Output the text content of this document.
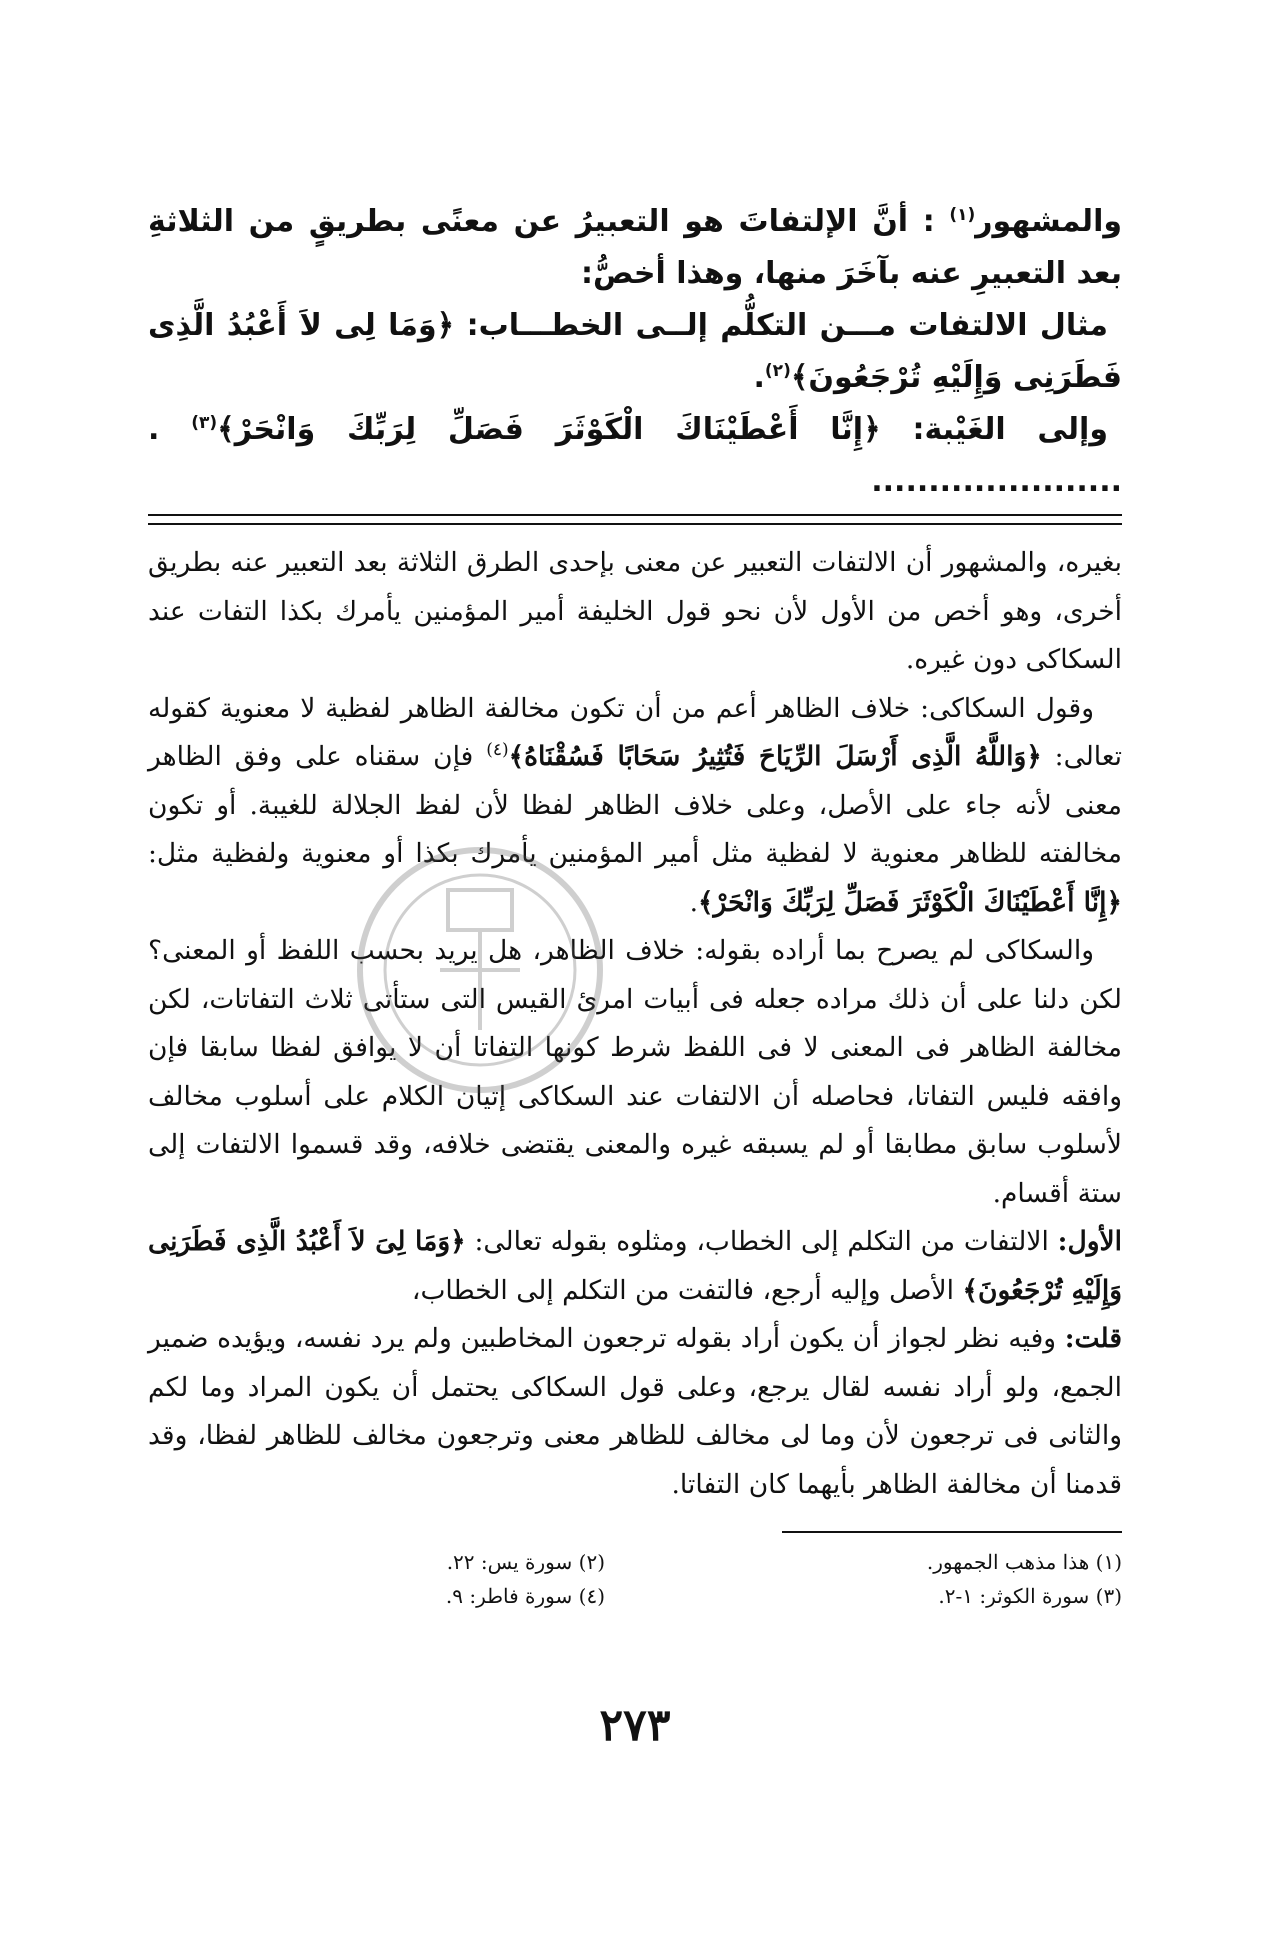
والمشهور$^{(١)}$ : أنَّ الإلتفاتَ هو التعبيرُ عن معنًى بطريقٍ من الثلاثةِ بعد التعبيرِ عنه بآخَرَ منها، وهذا أخصُّ:

مثال الالتفات مـــن التكلُّم إلــى الخطـــاب: ﴿وَمَا لِى لاَ أَعْبُدُ الَّذِى فَطَرَنِى وَإِلَيْهِ تُرْجَعُونَ﴾$^{(٢)}$.

وإلى الغَيْبة: ﴿إِنَّا أَعْطَيْنَاكَ الْكَوْثَرَ فَصَلِّ لِرَبِّكَ وَانْحَرْ﴾$^{(٣)}$ . ......................

بغيره، والمشهور أن الالتفات التعبير عن معنى بإحدى الطرق الثلاثة بعد التعبير عنه بطريق أخرى، وهو أخص من الأول لأن نحو قول الخليفة أمير المؤمنين يأمرك بكذا التفات عند السكاكى دون غيره.

وقول السكاكى: خلاف الظاهر أعم من أن تكون مخالفة الظاهر لفظية لا معنوية كقوله تعالى: ﴿وَاللَّهُ الَّذِى أَرْسَلَ الرِّيَاحَ فَتُثِيرُ سَحَابًا فَسُقْنَاهُ﴾$^{(٤)}$ فإن سقناه على وفق الظاهر معنى لأنه جاء على الأصل، وعلى خلاف الظاهر لفظا لأن لفظ الجلالة للغيبة. أو تكون مخالفته للظاهر معنوية لا لفظية مثل أمير المؤمنين يأمرك بكذا أو معنوية ولفظية مثل: ﴿إِنَّا أَعْطَيْنَاكَ الْكَوْثَرَ فَصَلِّ لِرَبِّكَ وَانْحَرْ﴾.

والسكاكى لم يصرح بما أراده بقوله: خلاف الظاهر، هل يريد بحسب اللفظ أو المعنى؟ لكن دلنا على أن ذلك مراده جعله فى أبيات امرئ القيس التى ستأتى ثلاث التفاتات، لكن مخالفة الظاهر فى المعنى لا فى اللفظ شرط كونها التفاتا أن لا يوافق لفظا سابقا فإن وافقه فليس التفاتا، فحاصله أن الالتفات عند السكاكى إتيان الكلام على أسلوب مخالف لأسلوب سابق مطابقا أو لم يسبقه غيره والمعنى يقتضى خلافه، وقد قسموا الالتفات إلى ستة أقسام.

الأول: الالتفات من التكلم إلى الخطاب، ومثلوه بقوله تعالى: ﴿وَمَا لِىَ لاَ أَعْبُدُ الَّذِى فَطَرَنِى وَإِلَيْهِ تُرْجَعُونَ﴾ الأصل وإليه أرجع، فالتفت من التكلم إلى الخطاب،

قلت: وفيه نظر لجواز أن يكون أراد بقوله ترجعون المخاطبين ولم يرد نفسه، ويؤيده ضمير الجمع، ولو أراد نفسه لقال يرجع، وعلى قول السكاكى يحتمل أن يكون المراد وما لكم والثانى فى ترجعون لأن وما لى مخالف للظاهر معنى وترجعون مخالف للظاهر لفظا، وقد قدمنا أن مخالفة الظاهر بأيهما كان التفاتا.

(١) هذا مذهب الجمهور.
(٢) سورة يس: ٢٢.
(٣) سورة الكوثر: ١-٢.
(٤) سورة فاطر: ٩.
٢٧٣
